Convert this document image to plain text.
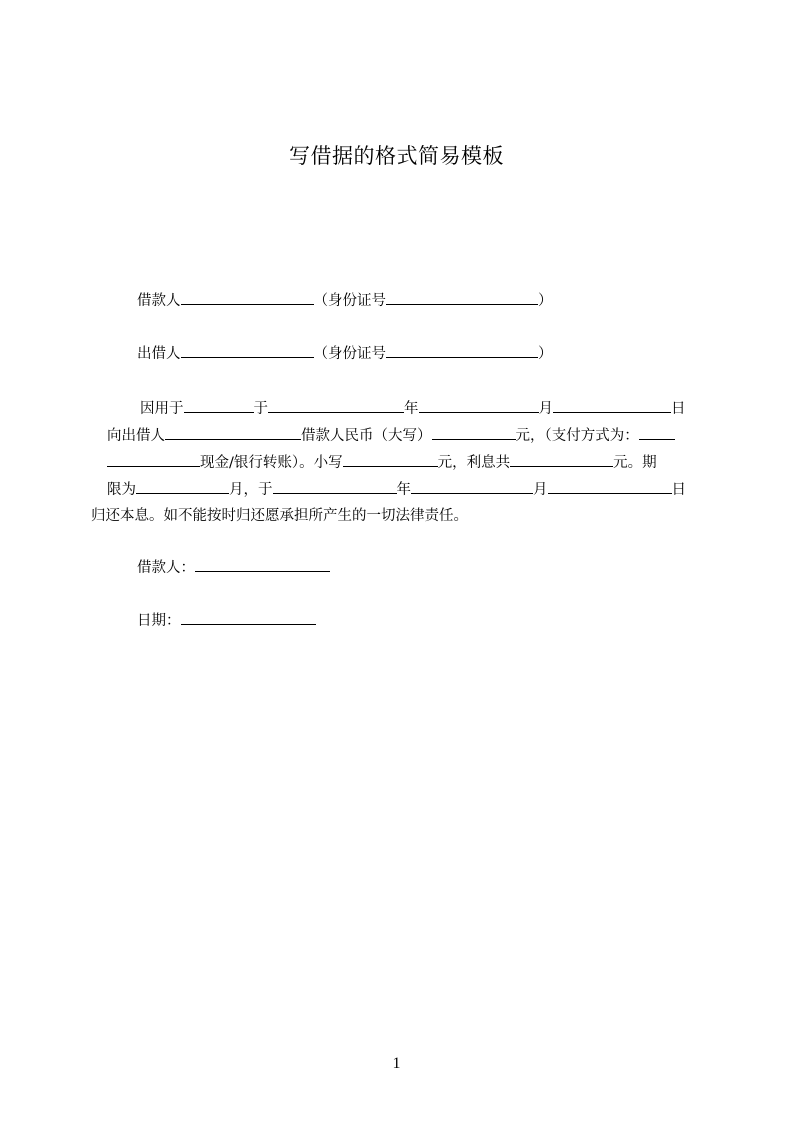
写借据的格式简易模板
借款人	（身份证号	）
出借人	（身份证号	）
因用于	于	年	月	日
向出借人	借款人民币（大写）	元，（支付方式为：
现金/银行转账）。小写	元，利息共	元。期
限为	月，于	年	月	日
归还本息。如不能按时归还愿承担所产生的一切法律责任。
借款人：
日期：
1
